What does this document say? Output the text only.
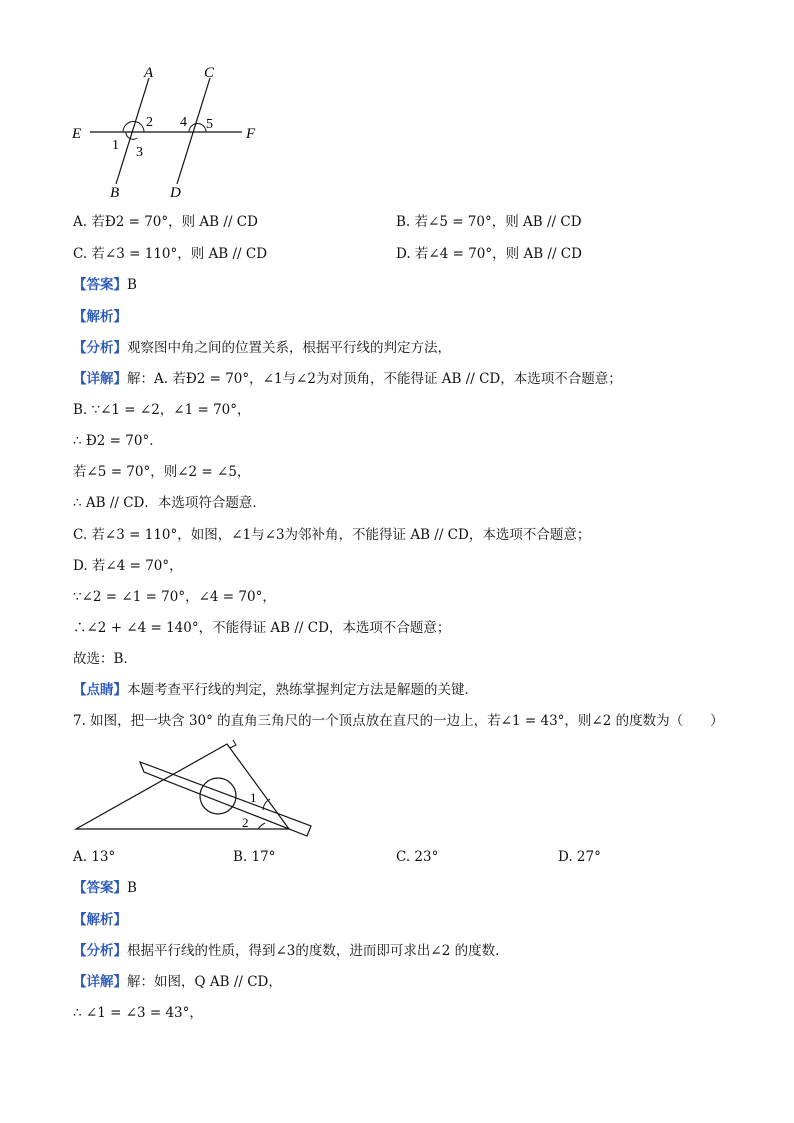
A	C
E	F
B	D
2
1 3
4 5
A. 若Ð2 = 70°，则 AB // CD	B. 若∠5 = 70°，则 AB // CD
C. 若∠3 = 110°，则 AB // CD	D. 若∠4 = 70°，则 AB // CD
【答案】B
【解析】
【分析】观察图中角之间的位置关系，根据平行线的判定方法，
【详解】解：A. 若Ð2 = 70°，∠1与∠2为对顶角，不能得证 AB // CD，本选项不合题意；
B. ∵∠1 = ∠2，∠1 = 70°，
∴ Ð2 = 70°．
若∠5 = 70°，则∠2 = ∠5，
∴ AB // CD．本选项符合题意．
C. 若∠3 = 110°，如图，∠1与∠3为邻补角，不能得证 AB // CD，本选项不合题意；
D. 若∠4 = 70°，
∵∠2 = ∠1 = 70°，∠4 = 70°，
∴∠2 + ∠4 = 140°，不能得证 AB // CD，本选项不合题意；
故选：B．
【点睛】本题考查平行线的判定，熟练掌握判定方法是解题的关键．
7. 如图，把一块含 30° 的直角三角尺的一个顶点放在直尺的一边上，若∠1 = 43°，则∠2 的度数为（　　）
1
2
A. 13°	B. 17°	C. 23°	D. 27°
【答案】B
【解析】
【分析】根据平行线的性质，得到∠3的度数，进而即可求出∠2 的度数．
【详解】解：如图，Q AB // CD，
∴ ∠1 = ∠3 = 43°，
